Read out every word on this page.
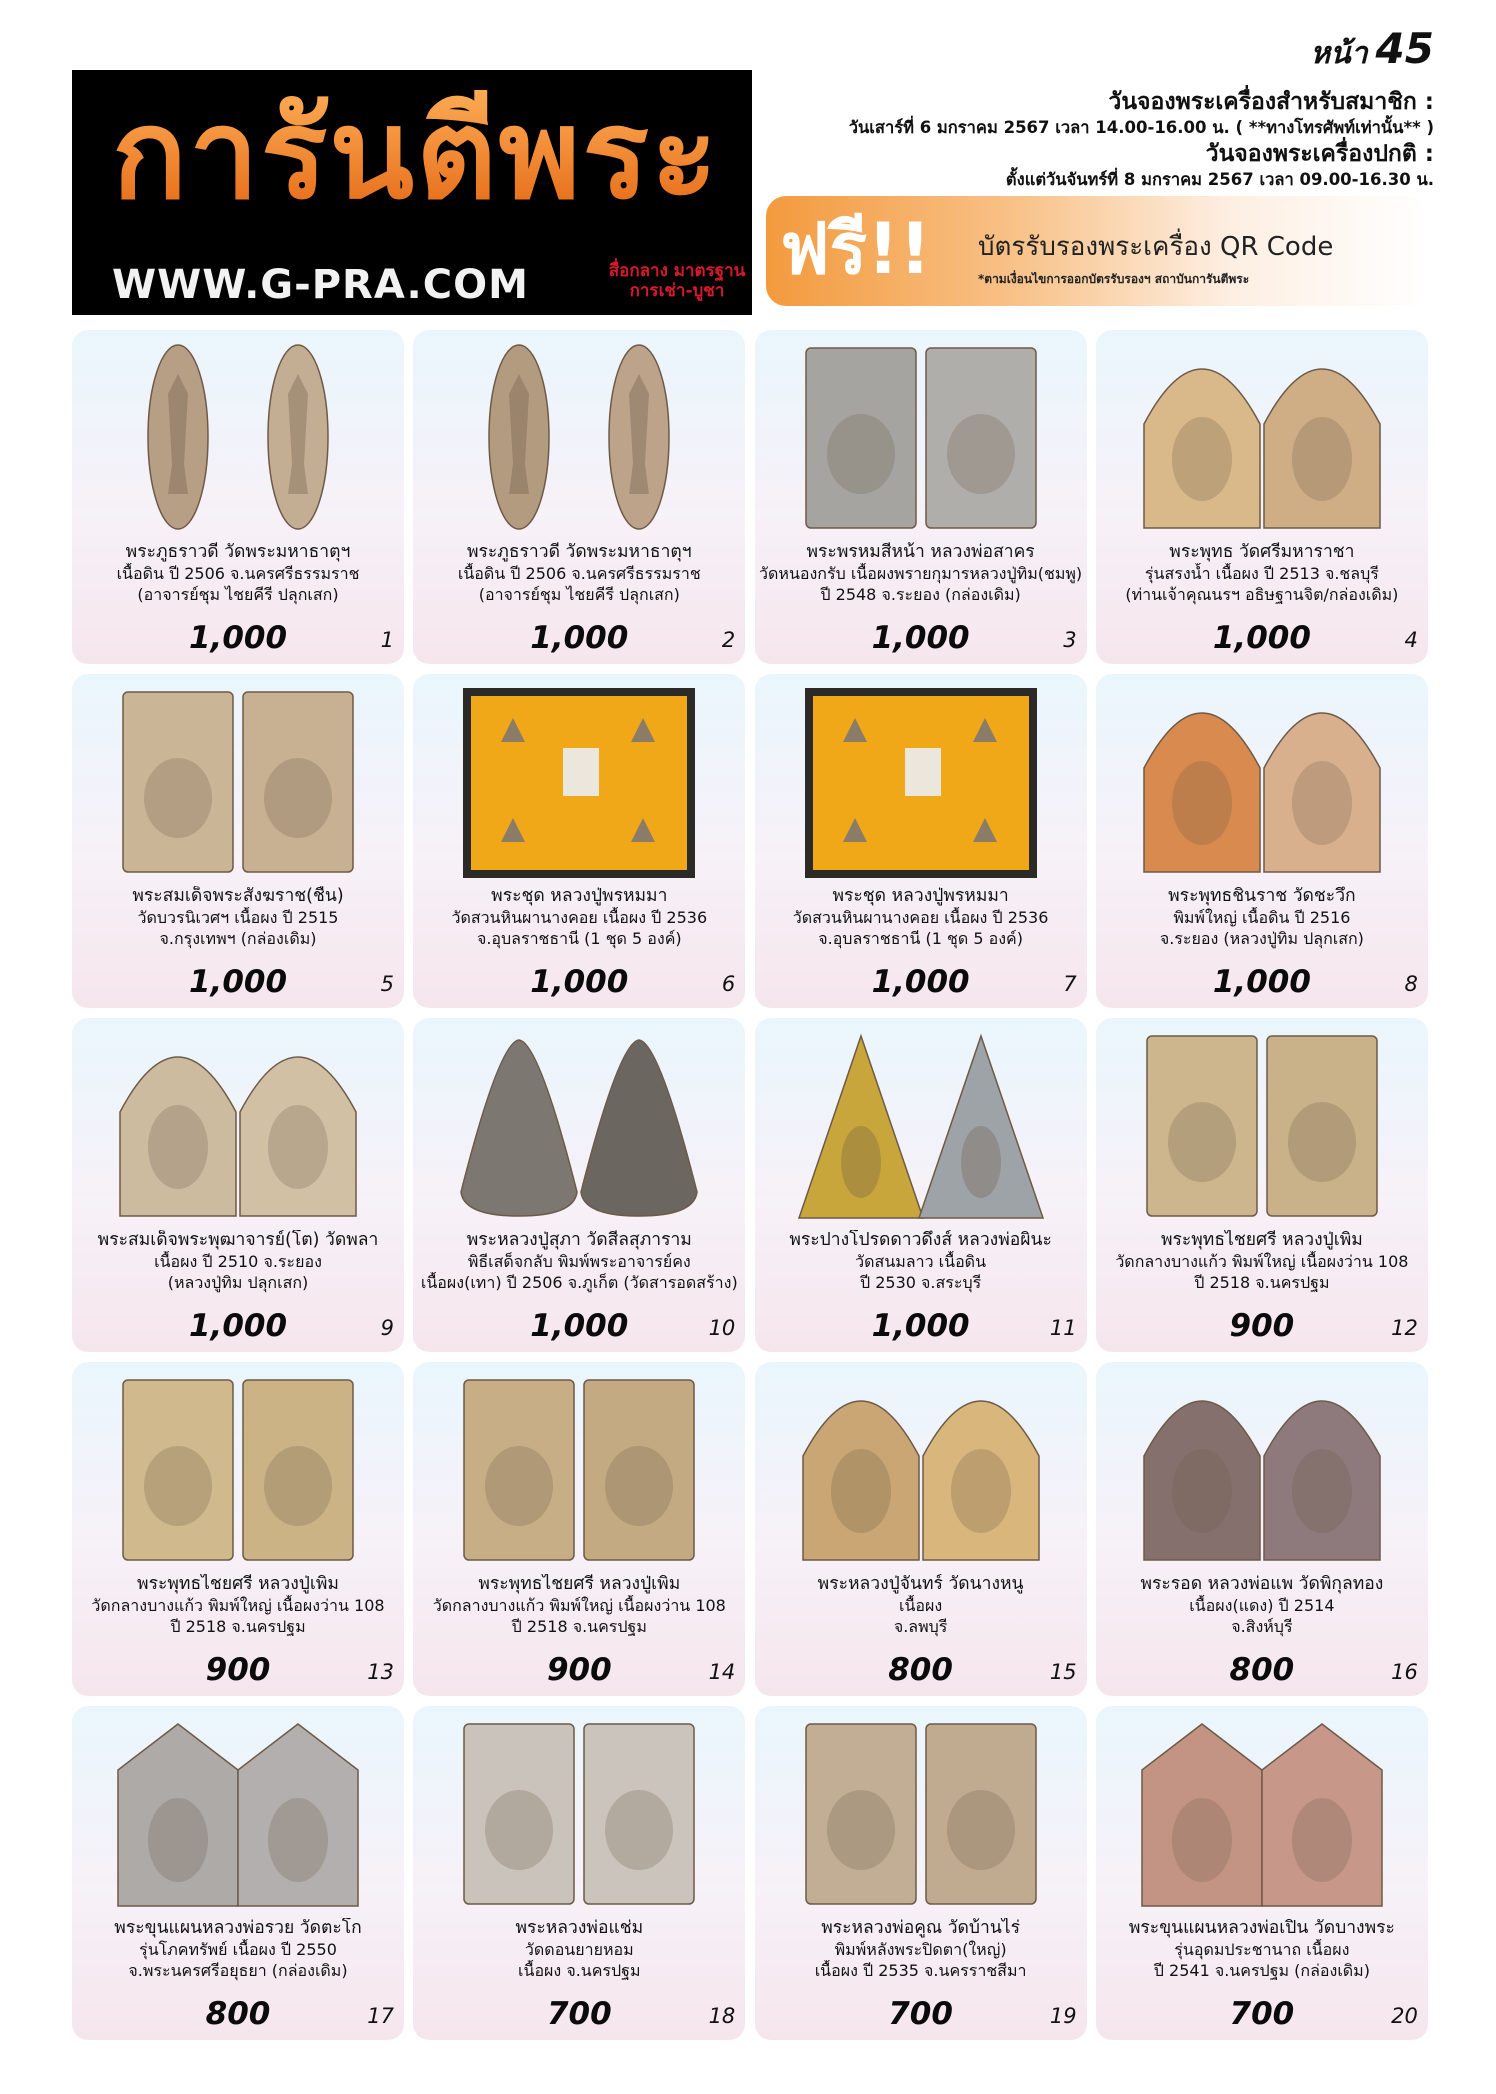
หน้า 45
การันตีพระ
WWW.G-PRA.COM	สื่อกลาง มาตรฐาน
การเช่า-บูชา
วันจองพระเครื่องสำหรับสมาชิก :
วันเสาร์ที่ 6 มกราคม 2567 เวลา 14.00-16.00 น. ( **ทางโทรศัพท์เท่านั้น** )
วันจองพระเครื่องปกติ :
ตั้งแต่วันจันทร์ที่ 8 มกราคม 2567 เวลา 09.00-16.30 น.
ฟรี!! บัตรรับรองพระเครื่อง QR Code
*ตามเงื่อนไขการออกบัตรรับรองฯ สถาบันการันตีพระ
พระภูธราวดี วัดพระมหาธาตุฯ
เนื้อดิน ปี 2506 จ.นครศรีธรรมราช
(อาจารย์ชุม ไชยคีรี ปลุกเสก)
1,000	1
พระภูธราวดี วัดพระมหาธาตุฯ
เนื้อดิน ปี 2506 จ.นครศรีธรรมราช
(อาจารย์ชุม ไชยคีรี ปลุกเสก)
1,000	2
พระพรหมสี่หน้า หลวงพ่อสาคร
วัดหนองกรับ เนื้อผงพรายกุมารหลวงปู่ทิม(ชมพู)
ปี 2548 จ.ระยอง (กล่องเดิม)
1,000	3
พระพุทธ วัดศรีมหาราชา
รุ่นสรงน้ำ เนื้อผง ปี 2513 จ.ชลบุรี
(ท่านเจ้าคุณนรฯ อธิษฐานจิต/กล่องเดิม)
1,000	4
พระสมเด็จพระสังฆราช(ชื่น)
วัดบวรนิเวศฯ เนื้อผง ปี 2515
จ.กรุงเทพฯ (กล่องเดิม)
1,000	5
พระชุด หลวงปู่พรหมมา
วัดสวนหินผานางคอย เนื้อผง ปี 2536
จ.อุบลราชธานี (1 ชุด 5 องค์)
1,000	6
พระชุด หลวงปู่พรหมมา
วัดสวนหินผานางคอย เนื้อผง ปี 2536
จ.อุบลราชธานี (1 ชุด 5 องค์)
1,000	7
พระพุทธชินราช วัดชะวึก
พิมพ์ใหญ่ เนื้อดิน ปี 2516
จ.ระยอง (หลวงปู่ทิม ปลุกเสก)
1,000	8
พระสมเด็จพระพุฒาจารย์(โต) วัดพลา
เนื้อผง ปี 2510 จ.ระยอง
(หลวงปู่ทิม ปลุกเสก)
1,000	9
พระหลวงปู่สุภา วัดสีลสุภาราม
พิธีเสด็จกลับ พิมพ์พระอาจารย์คง
เนื้อผง(เทา) ปี 2506 จ.ภูเก็ต (วัดสารอดสร้าง)
1,000	10
พระปางโปรดดาวดึงส์ หลวงพ่อผินะ
วัดสนมลาว เนื้อดิน
ปี 2530 จ.สระบุรี
1,000	11
พระพุทธไชยศรี หลวงปู่เพิ่ม
วัดกลางบางแก้ว พิมพ์ใหญ่ เนื้อผงว่าน 108
ปี 2518 จ.นครปฐม
900	12
พระพุทธไชยศรี หลวงปู่เพิ่ม
วัดกลางบางแก้ว พิมพ์ใหญ่ เนื้อผงว่าน 108
ปี 2518 จ.นครปฐม
900	13
พระพุทธไชยศรี หลวงปู่เพิ่ม
วัดกลางบางแก้ว พิมพ์ใหญ่ เนื้อผงว่าน 108
ปี 2518 จ.นครปฐม
900	14
พระหลวงปู่จันทร์ วัดนางหนู
เนื้อผง
จ.ลพบุรี
800	15
พระรอด หลวงพ่อแพ วัดพิกุลทอง
เนื้อผง(แดง) ปี 2514
จ.สิงห์บุรี
800	16
พระขุนแผนหลวงพ่อรวย วัดตะโก
รุ่นโภคทรัพย์ เนื้อผง ปี 2550
จ.พระนครศรีอยุธยา (กล่องเดิม)
800	17
พระหลวงพ่อแช่ม
วัดดอนยายหอม
เนื้อผง จ.นครปฐม
700	18
พระหลวงพ่อคูณ วัดบ้านไร่
พิมพ์หลังพระปิดตา(ใหญ่)
เนื้อผง ปี 2535 จ.นครราชสีมา
700	19
พระขุนแผนหลวงพ่อเปิ่น วัดบางพระ
รุ่นอุดมประชานาถ เนื้อผง
ปี 2541 จ.นครปฐม (กล่องเดิม)
700	20
